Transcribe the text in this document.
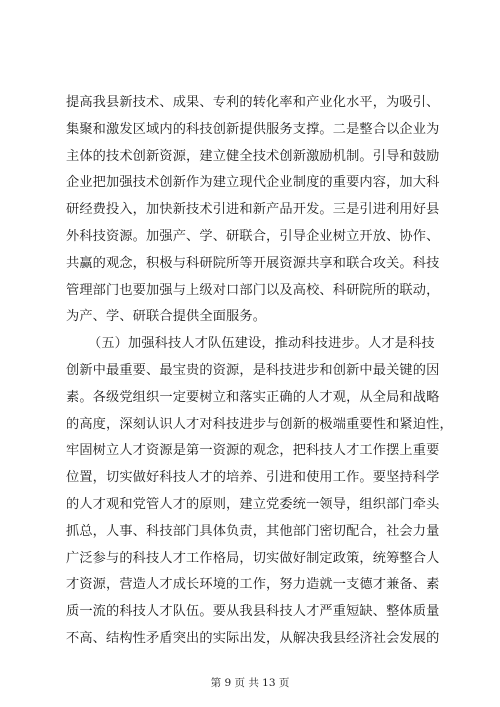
提高我县新技术、成果、专利的转化率和产业化水平，为吸引、
集聚和激发区域内的科技创新提供服务支撑。二是整合以企业为
主体的技术创新资源，建立健全技术创新激励机制。引导和鼓励
企业把加强技术创新作为建立现代企业制度的重要内容，加大科
研经费投入，加快新技术引进和新产品开发。三是引进利用好县
外科技资源。加强产、学、研联合，引导企业树立开放、协作、
共赢的观念，积极与科研院所等开展资源共享和联合攻关。科技
管理部门也要加强与上级对口部门以及高校、科研院所的联动，
为产、学、研联合提供全面服务。
（五）加强科技人才队伍建设，推动科技进步。人才是科技
创新中最重要、最宝贵的资源，是科技进步和创新中最关键的因
素。各级党组织一定要树立和落实正确的人才观，从全局和战略
的高度，深刻认识人才对科技进步与创新的极端重要性和紧迫性，
牢固树立人才资源是第一资源的观念，把科技人才工作摆上重要
位置，切实做好科技人才的培养、引进和使用工作。要坚持科学
的人才观和党管人才的原则，建立党委统一领导，组织部门牵头
抓总，人事、科技部门具体负责，其他部门密切配合，社会力量
广泛参与的科技人才工作格局，切实做好制定政策，统筹整合人
才资源，营造人才成长环境的工作，努力造就一支德才兼备、素
质一流的科技人才队伍。要从我县科技人才严重短缺、整体质量
不高、结构性矛盾突出的实际出发，从解决我县经济社会发展的
第 9 页 共 13 页
